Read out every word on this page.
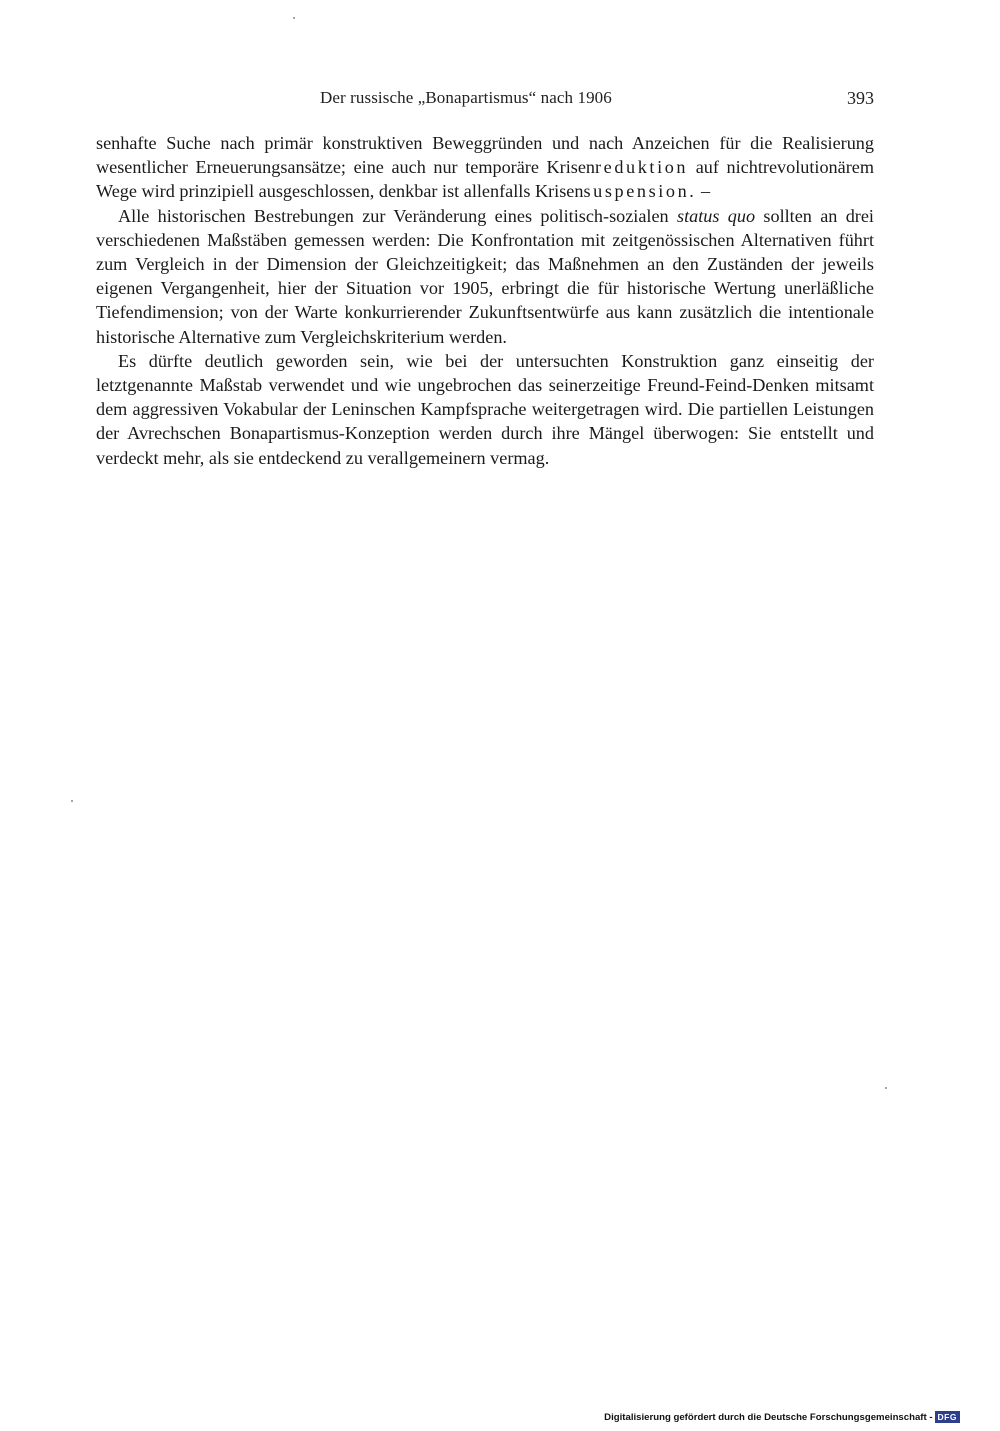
Der russische „Bonapartismus“ nach 1906	393

senhafte Suche nach primär konstruktiven Beweggründen und nach Anzeichen für die Realisierung wesentlicher Erneuerungsansätze; eine auch nur temporäre Krisenreduktion auf nichtrevolutionärem Wege wird prinzipiell ausgeschlossen, denkbar ist allenfalls Krisensuspension. –

Alle historischen Bestrebungen zur Veränderung eines politisch-sozialen status quo sollten an drei verschiedenen Maßstäben gemessen werden: Die Konfrontation mit zeitgenössischen Alternativen führt zum Vergleich in der Dimension der Gleichzeitigkeit; das Maßnehmen an den Zuständen der jeweils eigenen Vergangenheit, hier der Situation vor 1905, erbringt die für historische Wertung unerläßliche Tiefendimension; von der Warte konkurrierender Zukunftsentwürfe aus kann zusätzlich die intentionale historische Alternative zum Vergleichskriterium werden.

Es dürfte deutlich geworden sein, wie bei der untersuchten Konstruktion ganz einseitig der letztgenannte Maßstab verwendet und wie ungebrochen das seinerzeitige Freund-Feind-Denken mitsamt dem aggressiven Vokabular der Leninschen Kampfsprache weitergetragen wird. Die partiellen Leistungen der Avrechschen Bonapartismus-Konzeption werden durch ihre Mängel überwogen: Sie entstellt und verdeckt mehr, als sie entdeckend zu verallgemeinern vermag.

Digitalisierung gefördert durch die Deutsche Forschungsgemeinschaft - DFG
